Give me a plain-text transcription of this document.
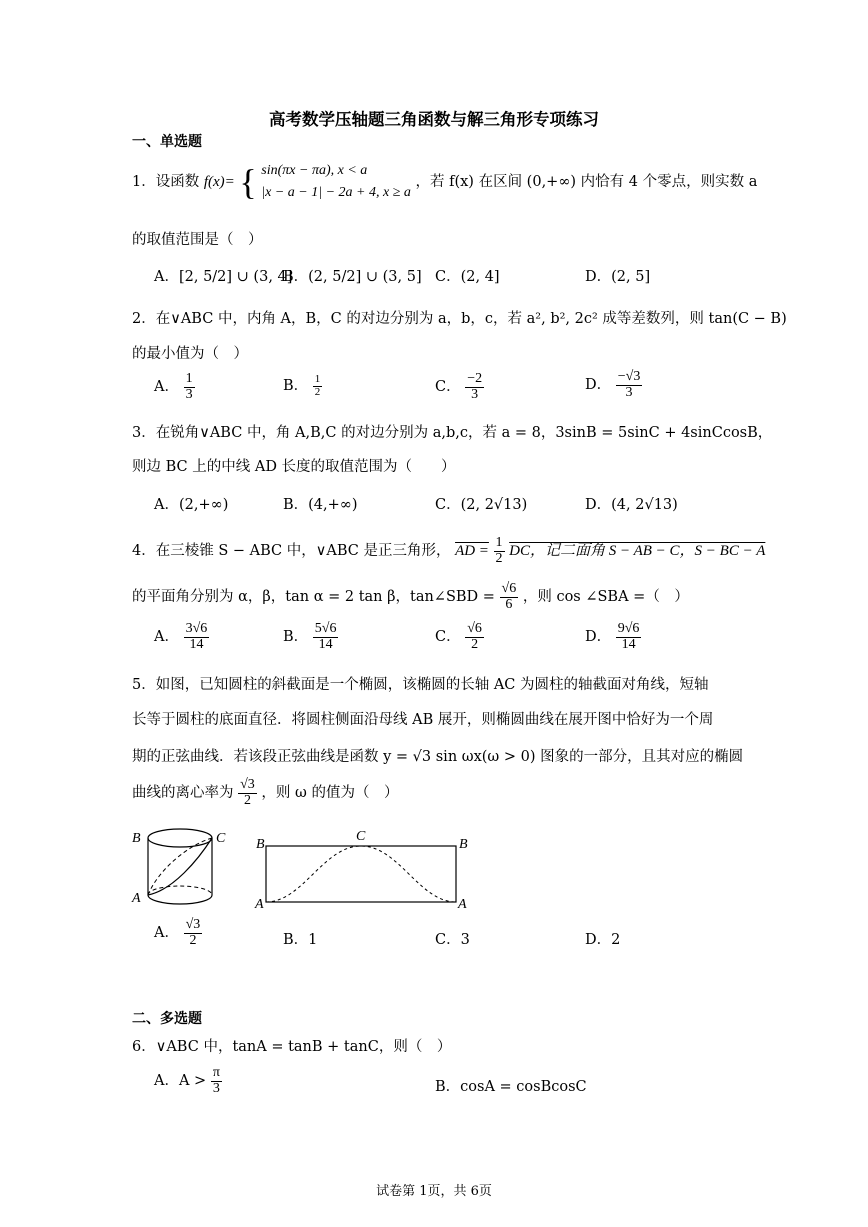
高考数学压轴题三角函数与解三角形专项练习
一、单选题
1．设函数 f(x)= { sin(πx − πa), x < a
|x − a − 1| − 2a + 4, x ≥ a
，若 f(x) 在区间 (0,+∞) 内恰有 4 个零点，则实数 a
的取值范围是（　）
A．[2, 5/2] ∪ (3, 4]
B．(2, 5/2] ∪ (3, 5] C．(2, 4]	D．(2, 5]
2．在∨ABC 中，内角 A，B，C 的对边分别为 a，b，c，若 a², b², 2c² 成等差数列，则 tan(C − B)
的最小值为（　）
A． $\frac{1}{3}$	B． $\frac{1}{2}$	C． $\frac{-2}{3}$	D． $\frac{-√3}{3}$
3．在锐角∨ABC 中，角 A,B,C 的对边分别为 a,b,c，若 a = 8，3sinB = 5sinC + 4sinCcosB，
则边 BC 上的中线 AD 长度的取值范围为（　　）
A．(2,+∞)	B．(4,+∞)	C．(2, 2√13)	D．(4, 2√13)
4．在三棱锥 S − ABC 中，∨ABC 是正三角形， AD = $\frac{1}{2}$ DC，记二面角 S − AB − C，S − BC − A
的平面角分别为 α，β，tan α = 2 tan β，tan∠SBD = $\frac{√6}{6}$ ，则 cos ∠SBA =（　）
A． $\frac{3√6}{14}$	B． $\frac{5√6}{14}$	C． $\frac{√6}{2}$	D． $\frac{9√6}{14}$
5．如图，已知圆柱的斜截面是一个椭圆，该椭圆的长轴 AC 为圆柱的轴截面对角线，短轴
长等于圆柱的底面直径．将圆柱侧面沿母线 AB 展开，则椭圆曲线在展开图中恰好为一个周
期的正弦曲线．若该段正弦曲线是函数 y = √3 sin ωx(ω > 0) 图象的一部分，且其对应的椭圆
曲线的离心率为 $\frac{√3}{2}$ ，则 ω 的值为（　）
B	C
A
B
C
B
A	A
A． $\frac{√3}{2}$	B．1	C．3	D．2
二、多选题
6．∨ABC 中，tanA = tanB + tanC，则（　）
A．$A > \frac{\pi}{3}$	B．cosA = cosBcosC
试卷第 1页，共 6页
